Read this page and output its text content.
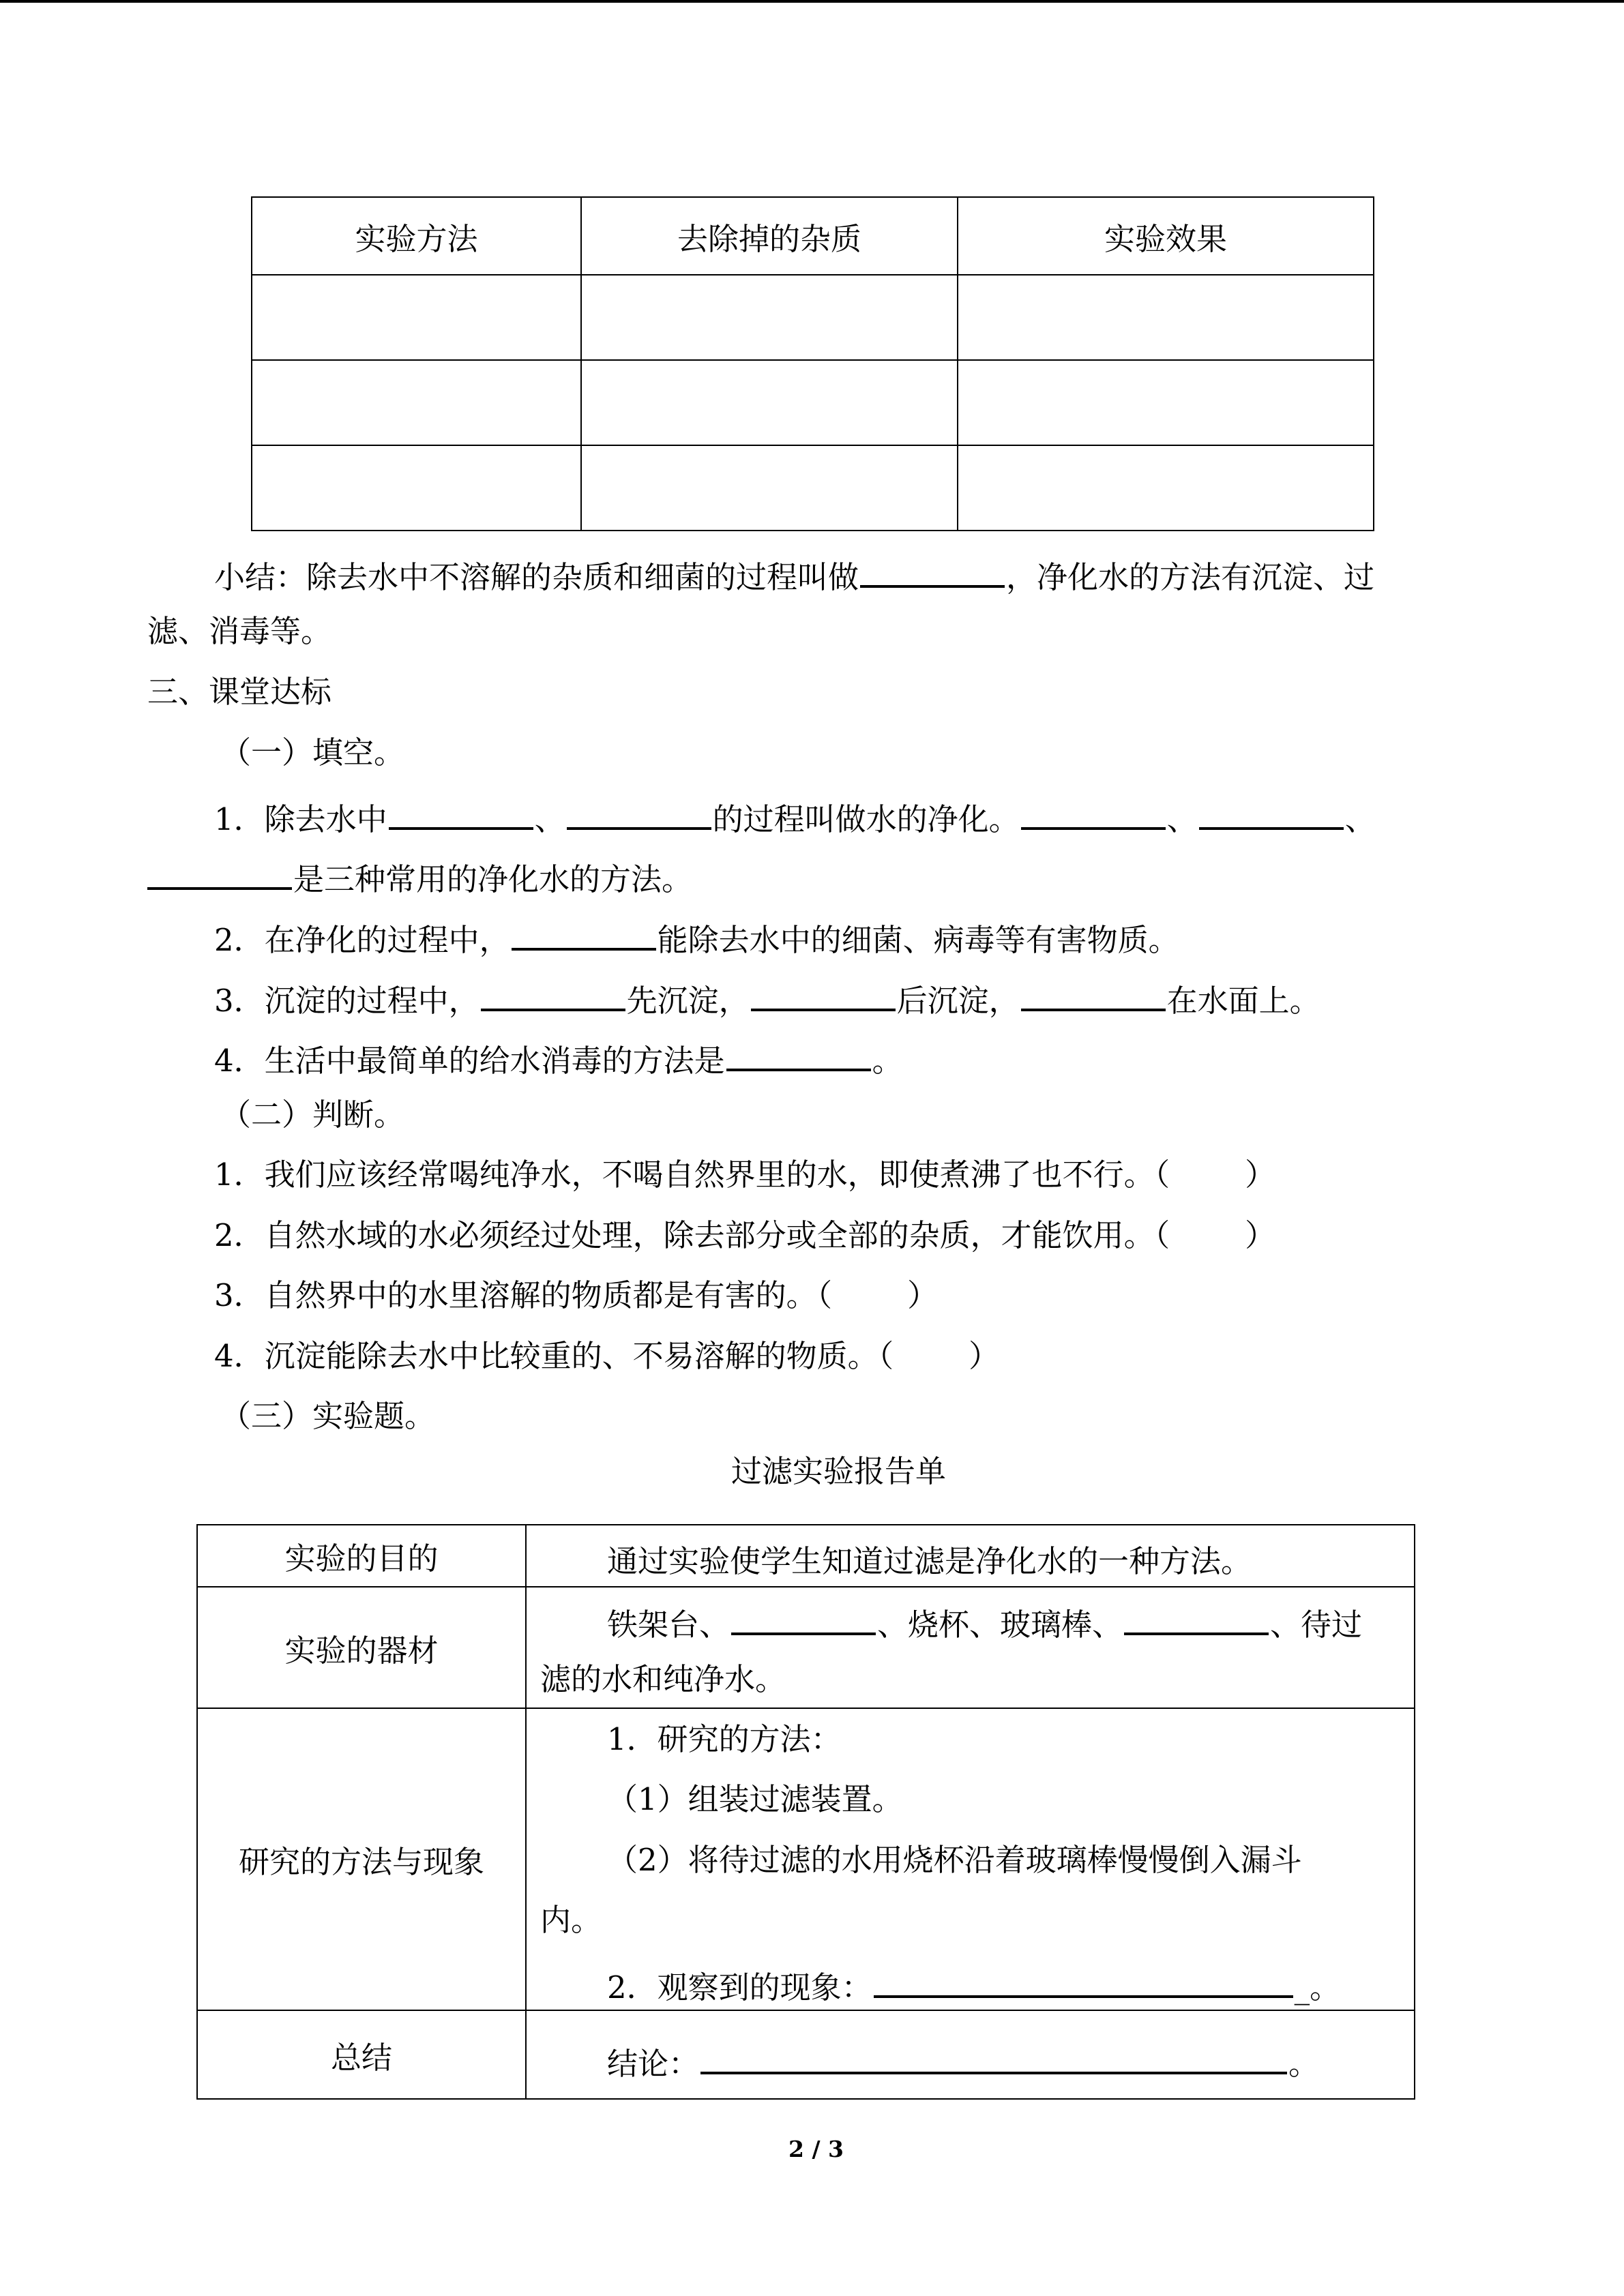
实验方法	去除掉的杂质	实验效果

小结：除去水中不溶解的杂质和细菌的过程叫做	，净化水的方法有沉淀、过
滤、消毒等。
三、课堂达标
（一）填空。
1．除去水中	、	的过程叫做水的净化。	、	、
是三种常用的净化水的方法。
2．在净化的过程中，	能除去水中的细菌、病毒等有害物质。
3．沉淀的过程中，	先沉淀，	后沉淀，	在水面上。
4．生活中最简单的给水消毒的方法是	。
（二）判断。
1．我们应该经常喝纯净水，不喝自然界里的水，即使煮沸了也不行。（ ）
2．自然水域的水必须经过处理，除去部分或全部的杂质，才能饮用。（ ）
3．自然界中的水里溶解的物质都是有害的。（ ）
4．沉淀能除去水中比较重的、不易溶解的物质。（ ）
（三）实验题。
过滤实验报告单
实验的目的	通过实验使学生知道过滤是净化水的一种方法。

实验的器材	铁架台、 、烧杯、玻璃棒、 、待过
滤的水和纯净水。

研究的方法与现象	1．研究的方法：
（1）组装过滤装置。
（2）将待过滤的水用烧杯沿着玻璃棒慢慢倒入漏斗
内。
2．观察到的现象： _。

总结	结论： 。
2 / 3
